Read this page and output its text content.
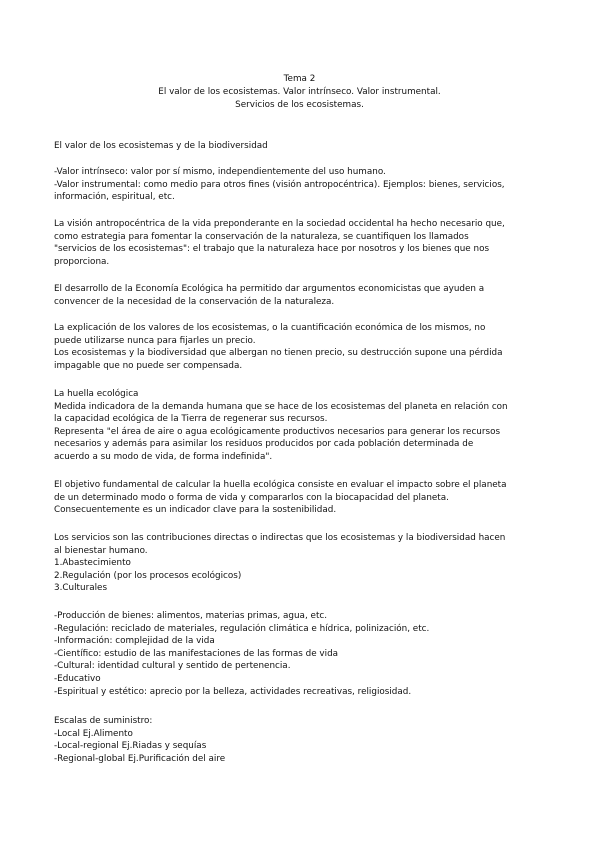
Tema 2
El valor de los ecosistemas. Valor intrínseco. Valor instrumental.
Servicios de los ecosistemas.
El valor de los ecosistemas y de la biodiversidad
-Valor intrínseco: valor por sí mismo, independientemente del uso humano.
-Valor instrumental: como medio para otros fines (visión antropocéntrica). Ejemplos: bienes, servicios,
información, espiritual, etc.
La visión antropocéntrica de la vida preponderante en la sociedad occidental ha hecho necesario que,
como estrategia para fomentar la conservación de la naturaleza, se cuantifiquen los llamados
"servicios de los ecosistemas": el trabajo que la naturaleza hace por nosotros y los bienes que nos
proporciona.
El desarrollo de la Economía Ecológica ha permitido dar argumentos economicistas que ayuden a
convencer de la necesidad de la conservación de la naturaleza.
La explicación de los valores de los ecosistemas, o la cuantificación económica de los mismos, no
puede utilizarse nunca para fijarles un precio.
Los ecosistemas y la biodiversidad que albergan no tienen precio, su destrucción supone una pérdida
impagable que no puede ser compensada.
La huella ecológica
Medida indicadora de la demanda humana que se hace de los ecosistemas del planeta en relación con
la capacidad ecológica de la Tierra de regenerar sus recursos.
Representa "el área de aire o agua ecológicamente productivos necesarios para generar los recursos
necesarios y además para asimilar los residuos producidos por cada población determinada de
acuerdo a su modo de vida, de forma indefinida".
El objetivo fundamental de calcular la huella ecológica consiste en evaluar el impacto sobre el planeta
de un determinado modo o forma de vida y compararlos con la biocapacidad del planeta.
Consecuentemente es un indicador clave para la sostenibilidad.
Los servicios son las contribuciones directas o indirectas que los ecosistemas y la biodiversidad hacen
al bienestar humano.
1.Abastecimiento
2.Regulación (por los procesos ecológicos)
3.Culturales
-Producción de bienes: alimentos, materias primas, agua, etc.
-Regulación: reciclado de materiales, regulación climática e hídrica, polinización, etc.
-Información: complejidad de la vida
-Científico: estudio de las manifestaciones de las formas de vida
-Cultural: identidad cultural y sentido de pertenencia.
-Educativo
-Espiritual y estético: aprecio por la belleza, actividades recreativas, religiosidad.
Escalas de suministro:
-Local Ej.Alimento
-Local-regional Ej.Riadas y sequías
-Regional-global Ej.Purificación del aire
